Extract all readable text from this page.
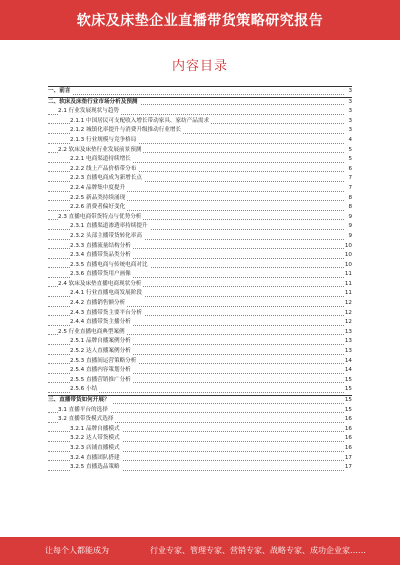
软床及床垫企业直播带货策略研究报告
内容目录
一、前言	3
二、软床及床垫行业市场分析及预测	3
2.1 行业发展现状与趋势	3
2.1.1 中国居民可支配收入增长带动家具、家纺产品需求	3
2.1.2 城镇化率提升与消费升级推动行业增长	3
2.1.3 行业规模与竞争格局	4
2.2 软床及床垫行业发展前景预测	5
2.2.1 电商渠道持续增长	5
2.2.2 线上产品价格带分布	6
2.2.3 直播电商成为新增长点	7
2.2.4 品牌集中度提升	7
2.2.5 新品类持续涌现	8
2.2.6 消费者偏好变化	8
2.3 直播电商带货特点与优势分析	9
2.3.1 直播渠道渗透率持续提升	9
2.3.2 头部主播带货转化率高	9
2.3.3 直播流量结构分析	10
2.3.4 直播带货品类分析	10
2.3.5 直播电商与传统电商对比	10
2.3.6 直播带货用户画像	11
2.4 软床及床垫直播电商现状分析	11
2.4.1 行业直播电商发展阶段	11
2.4.2 直播销售额分析	12
2.4.3 直播带货主要平台分析	12
2.4.4 直播带货主播分析	12
2.5 行业直播电商典型案例	13
2.5.1 品牌自播案例分析	13
2.5.2 达人直播案例分析	13
2.5.3 直播间运营策略分析	14
2.5.4 直播内容策划分析	14
2.5.5 直播营销推广分析	15
2.5.6 小结	15
三、直播带货如何开展？	15
3.1 直播平台的选择	15
3.2 直播带货模式选择	16
3.2.1 品牌自播模式	16
3.2.2 达人带货模式	16
3.2.3 店铺直播模式	16
3.2.4 直播团队搭建	17
3.2.5 直播选品策略	17
让每个人都能成为	行业专家、管理专家、营销专家、战略专家、成功企业家……
